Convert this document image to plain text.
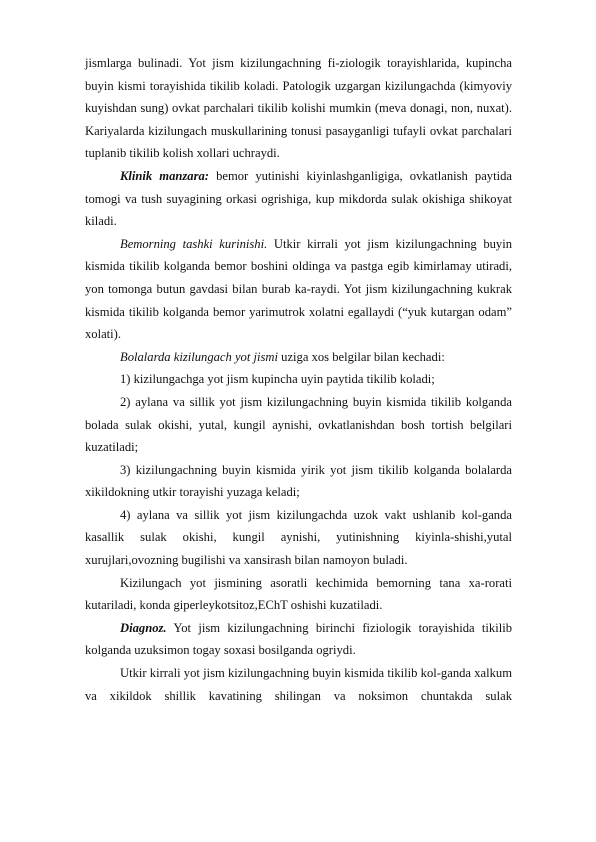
jismlarga bulinadi. Yot jism kizilungachning fi-ziologik torayishlarida, kupincha buyin kismi torayishida tikilib koladi. Patologik uzgargan kizilungachda (kimyoviy kuyishdan sung) ovkat parchalari tikilib kolishi mumkin (meva donagi, non, nuxat). Kariyalarda kizilungach muskullarining tonusi pasayganligi tufayli ovkat parchalari tuplanib tikilib kolish xollari uchraydi.

Klinik manzara: bemor yutinishi kiyinlashganligiga, ovkatlanish paytida tomogi va tush suyagining orkasi ogrishiga, kup mikdorda sulak okishiga shikoyat kiladi.

Bemorning tashki kurinishi. Utkir kirrali yot jism kizilungachning buyin kismida tikilib kolganda bemor boshini oldinga va pastga egib kimirlamay utiradi, yon tomonga butun gavdasi bilan burab ka-raydi. Yot jism kizilungachning kukrak kismida tikilib kolganda bemor yarimutrok xolatni egallaydi (“yuk kutargan odam” xolati).

Bolalarda kizilungach yot jismi uziga xos belgilar bilan kechadi:

1) kizilungachga yot jism kupincha uyin paytida tikilib koladi;

2) aylana va sillik yot jism kizilungachning buyin kismida tikilib kolganda bolada sulak okishi, yutal, kungil aynishi, ovkatlanishdan bosh tortish belgilari kuzatiladi;

3) kizilungachning buyin kismida yirik yot jism tikilib kolganda bolalarda xikildokning utkir torayishi yuzaga keladi;

4) aylana va sillik yot jism kizilungachda uzok vakt ushlanib kol-ganda kasallik sulak okishi, kungil aynishi, yutinishning kiyinla-shishi,yutal xurujlari,ovozning bugilishi va xansirash bilan namoyon buladi.

Kizilungach yot jismining asoratli kechimida bemorning tana xa-rorati kutariladi, konda giperleykotsitoz,EChT oshishi kuzatiladi.

Diagnoz. Yot jism kizilungachning birinchi fiziologik torayishida tikilib kolganda uzuksimon togay soxasi bosilganda ogriydi.

Utkir kirrali yot jism kizilungachning buyin kismida tikilib kol-ganda xalkum va xikildok shillik kavatining shilingan va noksimon chuntakda sulak
